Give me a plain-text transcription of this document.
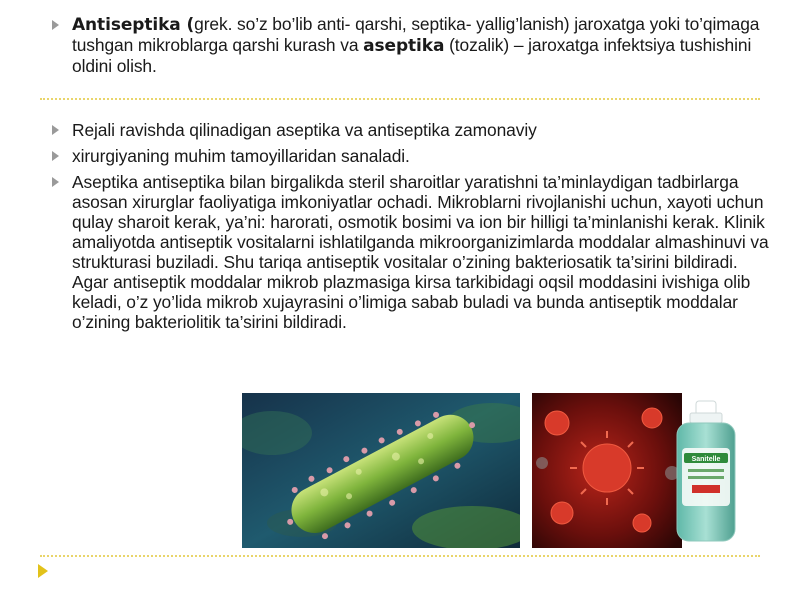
Antiseptika (grek. so’z bo’lib anti- qarshi, septika- yallig’lanish) jaroxatga yoki to’qimaga tushgan mikroblarga qarshi kurash va aseptika (tozalik) – jaroxatga infektsiya tushishini oldini olish.
Rejali ravishda qilinadigan aseptika va antiseptika zamonaviy
xirurgiyaning muhim tamoyillaridan sanaladi.
Aseptika antiseptika bilan birgalikda steril sharoitlar yaratishni ta’minlaydigan tadbirlarga asosan xirurglar faoliyatiga imkoniyatlar ochadi. Mikroblarni rivojlanishi uchun, xayoti uchun qulay sharoit kerak, ya’ni: harorati, osmotik bosimi va ion bir hilligi ta’minlanishi kerak. Klinik amaliyotda antiseptik vositalarni ishlatilganda mikroorganizimlarda moddalar almashinuvi va strukturasi buziladi. Shu tariqa antiseptik vositalar o’zining bakteriosatik ta’sirini bildiradi. Agar antiseptik moddalar mikrob plazmasiga kirsa tarkibidagi oqsil moddasini ivishiga olib keladi, o’z yo’lida mikrob xujayrasini o’limiga sabab buladi va bunda antiseptik moddalar o’zining bakteriolitik ta’sirini bildiradi.
Sanitelle
